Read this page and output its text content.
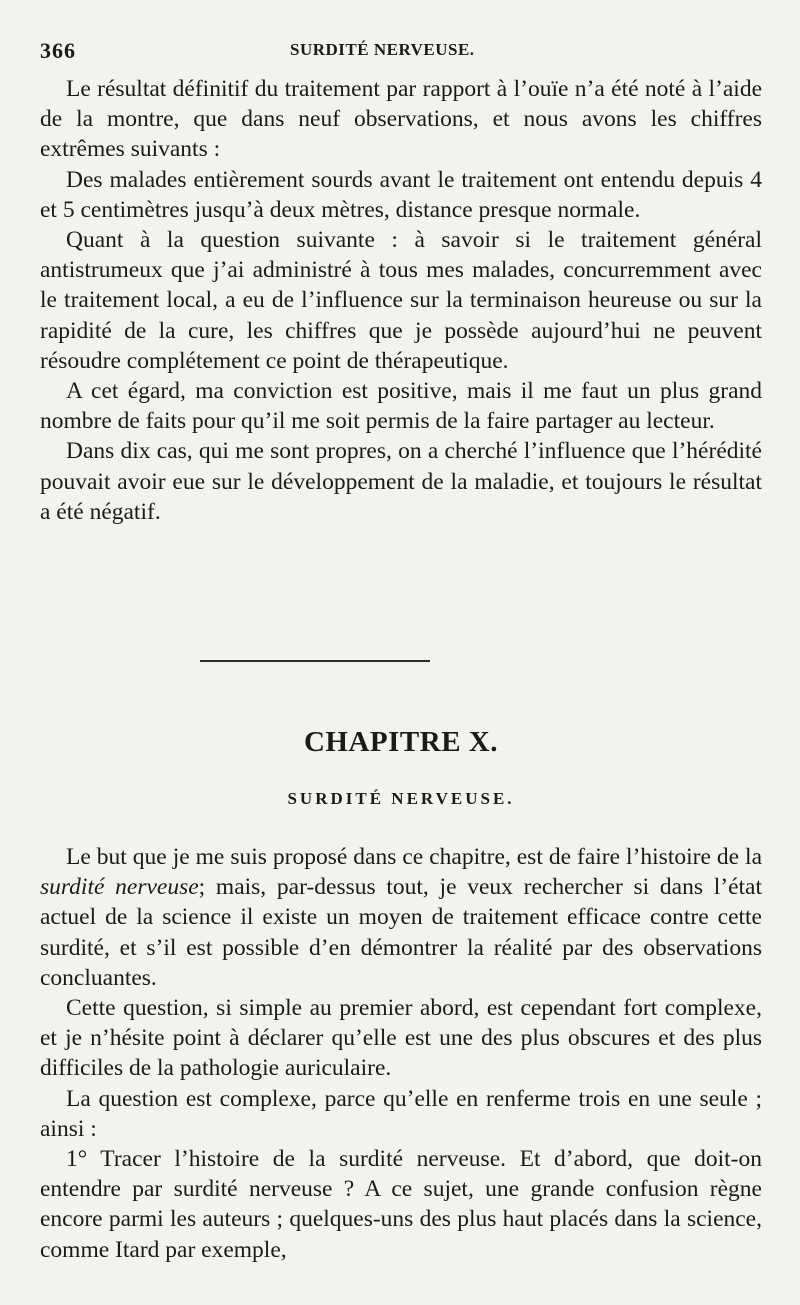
366	SURDITÉ NERVEUSE.

Le résultat définitif du traitement par rapport à l’ouïe n’a été noté à l’aide de la montre, que dans neuf observations, et nous avons les chiffres extrêmes suivants :

Des malades entièrement sourds avant le traitement ont entendu depuis 4 et 5 centimètres jusqu’à deux mètres, distance presque normale.

Quant à la question suivante : à savoir si le traitement général antistrumeux que j’ai administré à tous mes malades, concurremment avec le traitement local, a eu de l’influence sur la terminaison heureuse ou sur la rapidité de la cure, les chiffres que je possède aujourd’hui ne peuvent résoudre complétement ce point de thérapeutique.

A cet égard, ma conviction est positive, mais il me faut un plus grand nombre de faits pour qu’il me soit permis de la faire partager au lecteur.

Dans dix cas, qui me sont propres, on a cherché l’influence que l’hérédité pouvait avoir eue sur le développement de la maladie, et toujours le résultat a été négatif.

CHAPITRE X.
SURDITÉ NERVEUSE.

Le but que je me suis proposé dans ce chapitre, est de faire l’histoire de la surdité nerveuse; mais, par-dessus tout, je veux rechercher si dans l’état actuel de la science il existe un moyen de traitement efficace contre cette surdité, et s’il est possible d’en démontrer la réalité par des observations concluantes.

Cette question, si simple au premier abord, est cependant fort complexe, et je n’hésite point à déclarer qu’elle est une des plus obscures et des plus difficiles de la pathologie auriculaire.

La question est complexe, parce qu’elle en renferme trois en une seule ; ainsi :

1° Tracer l’histoire de la surdité nerveuse. Et d’abord, que doit-on entendre par surdité nerveuse ? A ce sujet, une grande confusion règne encore parmi les auteurs ; quelques-uns des plus haut placés dans la science, comme Itard par exemple,
